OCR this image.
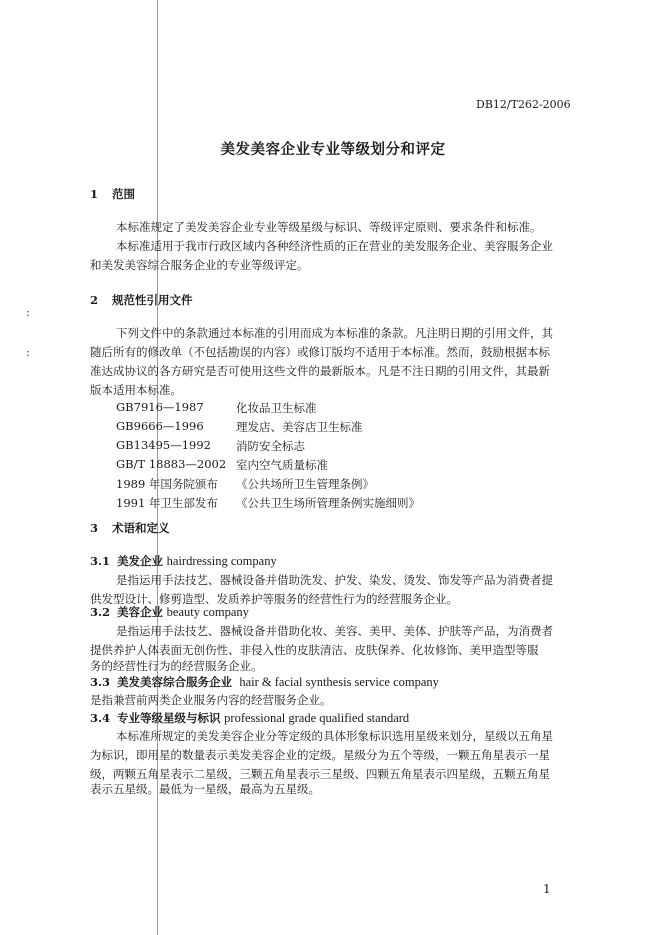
:
:
DB12/T262-2006
美发美容企业专业等级划分和评定
1 范围
本标准规定了美发美容企业专业等级星级与标识、等级评定原则、要求条件和标准。
本标准适用于我市行政区域内各种经济性质的正在营业的美发服务企业、美容服务企业
和美发美容综合服务企业的专业等级评定。
2 规范性引用文件
下列文件中的条款通过本标准的引用而成为本标准的条款。凡注明日期的引用文件，其
随后所有的修改单（不包括勘误的内容）或修订版均不适用于本标准。然而，鼓励根据本标
准达成协议的各方研究是否可使用这些文件的最新版本。凡是不注日期的引用文件，其最新
版本适用本标准。
GB7916—1987	化妆品卫生标准
GB9666—1996	理发店、美容店卫生标准
GB13495—1992 消防安全标志
GB/T 18883—2002 室内空气质量标准
1989 年国务院颁布 《公共场所卫生管理条例》
1991 年卫生部发布 《公共卫生场所管理条例实施细则》
3 术语和定义
3.1 美发企业 hairdressing company
是指运用手法技艺、器械设备并借助洗发、护发、染发、烫发、饰发等产品为消费者提
供发型设计、修剪造型、发质养护等服务的经营性行为的经营服务企业。
3.2 美容企业 beauty company
是指运用手法技艺、器械设备并借助化妆、美容、美甲、美体、护肤等产品，为消费者
提供养护人体表面无创伤性、非侵入性的皮肤清洁、皮肤保养、化妆修饰、美甲造型等服
务的经营性行为的经营服务企业。
3.3 美发美容综合服务企业 hair & facial synthesis service company
是指兼营前两类企业服务内容的经营服务企业。
3.4 专业等级星级与标识 professional grade qualified standard
本标准所规定的美发美容企业分等定级的具体形象标识选用星级来划分，星级以五角星
为标识，即用星的数量表示美发美容企业的定级。星级分为五个等级，一颗五角星表示一星
级，两颗五角星表示二星级，三颗五角星表示三星级、四颗五角星表示四星级，五颗五角星
表示五星级。最低为一星级，最高为五星级。
1
